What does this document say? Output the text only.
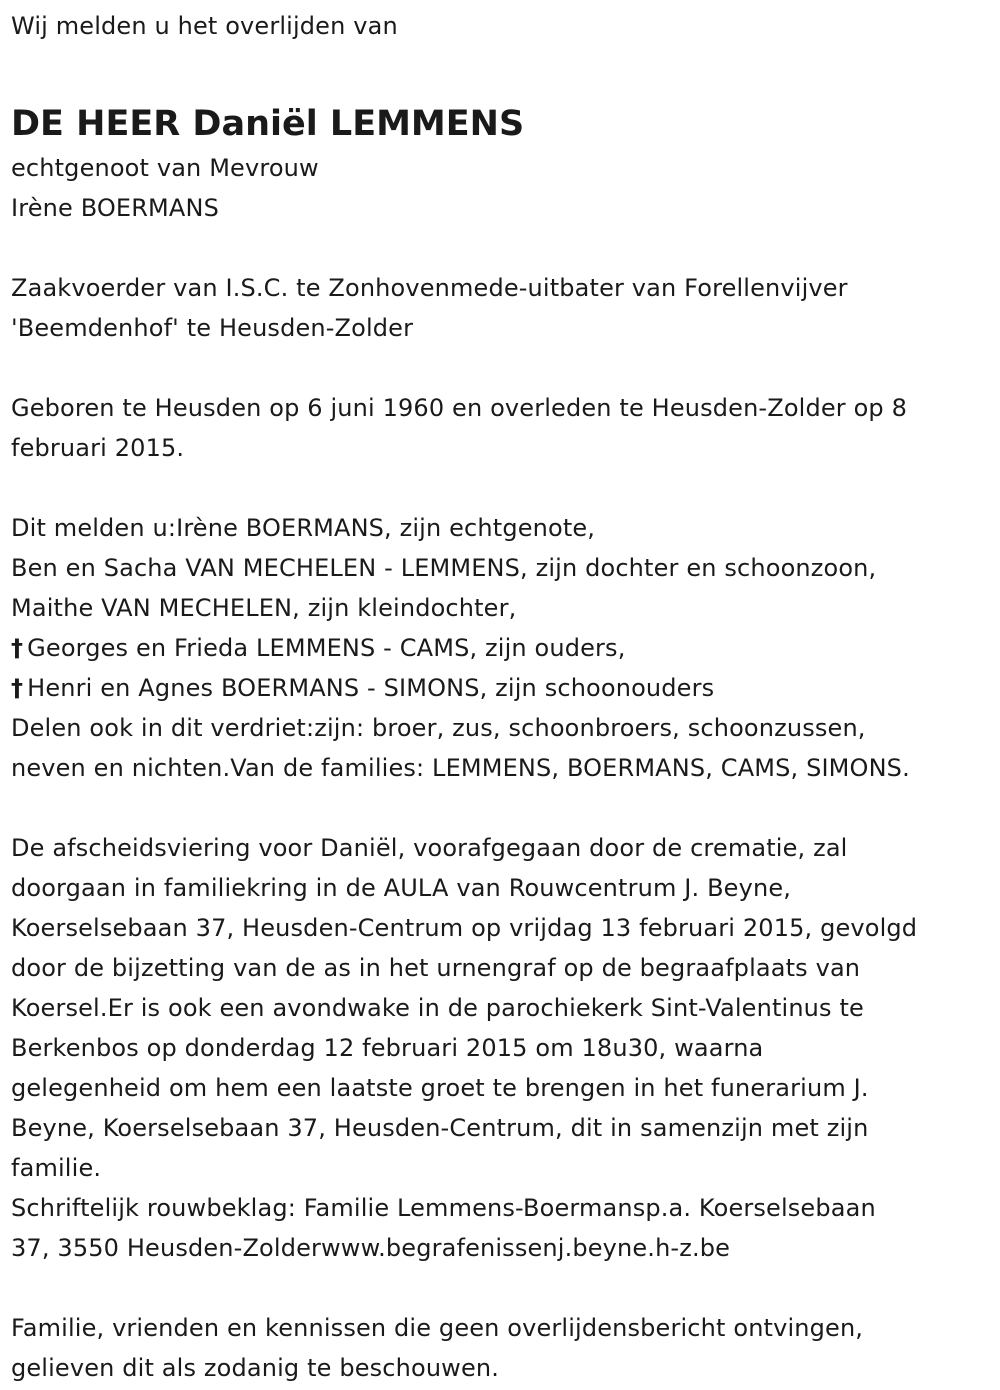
Wij melden u het overlijden van
DE HEER Daniël LEMMENS
echtgenoot van Mevrouw
Irène BOERMANS
Zaakvoerder van I.S.C. te Zonhovenmede-uitbater van Forellenvijver
'Beemdenhof' te Heusden-Zolder
Geboren te Heusden op 6 juni 1960 en overleden te Heusden-Zolder op 8
februari 2015.
Dit melden u:Irène BOERMANS, zijn echtgenote,
Ben en Sacha VAN MECHELEN - LEMMENS, zijn dochter en schoonzoon,
Maithe VAN MECHELEN, zijn kleindochter,
† Georges en Frieda LEMMENS - CAMS, zijn ouders,
† Henri en Agnes BOERMANS - SIMONS, zijn schoonouders
Delen ook in dit verdriet:zijn: broer, zus, schoonbroers, schoonzussen,
neven en nichten.Van de families: LEMMENS, BOERMANS, CAMS, SIMONS.
De afscheidsviering voor Daniël, voorafgegaan door de crematie, zal
doorgaan in familiekring in de AULA van Rouwcentrum J. Beyne,
Koerselsebaan 37, Heusden-Centrum op vrijdag 13 februari 2015, gevolgd
door de bijzetting van de as in het urnengraf op de begraafplaats van
Koersel.Er is ook een avondwake in de parochiekerk Sint-Valentinus te
Berkenbos op donderdag 12 februari 2015 om 18u30, waarna
gelegenheid om hem een laatste groet te brengen in het funerarium J.
Beyne, Koerselsebaan 37, Heusden-Centrum, dit in samenzijn met zijn
familie.
Schriftelijk rouwbeklag: Familie Lemmens-Boermansp.a. Koerselsebaan
37, 3550 Heusden-Zolderwww.begrafenissenj.beyne.h-z.be
Familie, vrienden en kennissen die geen overlijdensbericht ontvingen,
gelieven dit als zodanig te beschouwen.
